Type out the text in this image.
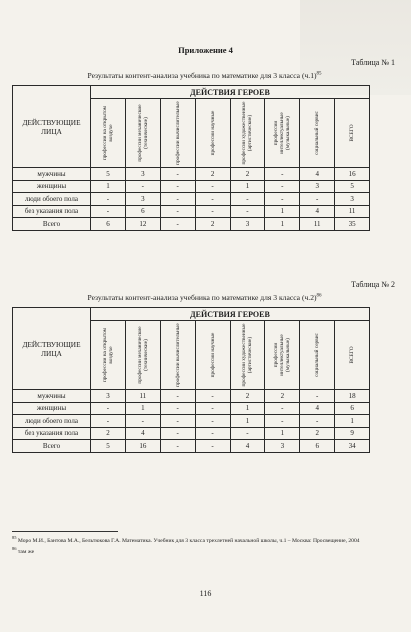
Приложение 4
Таблица № 1
Результаты контент-анализа учебника по математике для 3 класса $(ч.1)^{85}$
ДЕЙСТВУЮЩИЕ ЛИЦА	ДЕЙСТВИЯ ГЕРОЕВ							

	профессии на открытом воздухе	профессии механические (технические)	профессии вычислительные	профессии научные	профессии художественные (артистические)	профессии интеллектуальные (музыкальные)	социальный сервис	ВСЕГО

мужчины	5	3	-	2	2	-	4	16
женщины	1	-	-	-	1	-	3	5
люди обоего пола	-	3	-	-	-	-	-	3
без указания пола	-	6	-	-	-	1	4	11
Всего	6	12	-	2	3	1	11	35
Таблица № 2
Результаты контент-анализа учебника по математике для 3 класса $(ч.2)^{86}$
ДЕЙСТВУЮЩИЕ ЛИЦА	ДЕЙСТВИЯ ГЕРОЕВ							

	профессии на открытом воздухе	профессии механические (технические)	профессии вычислительные	профессии научные	профессии художественные (артистические)	профессии интеллектуальные (музыкальные)	социальный сервис	ВСЕГО

мужчины	3	11	-	-	2	2	-	18
женщины	-	1	-	-	1	-	4	6
люди обоего пола	-	-	-	-	1	-	-	1
без указания пола	2	4	-	-	-	1	2	9
Всего	5	16	-	-	4	3	6	34
$^{85}$ Моро М.И., Бантова М.А., Бельтюкова Г.А. Математика. Учебник для 3 класса трехлетней начальной школы, ч.1 – Москва: Просвещение, 2004
$^{86}$ там же
116
